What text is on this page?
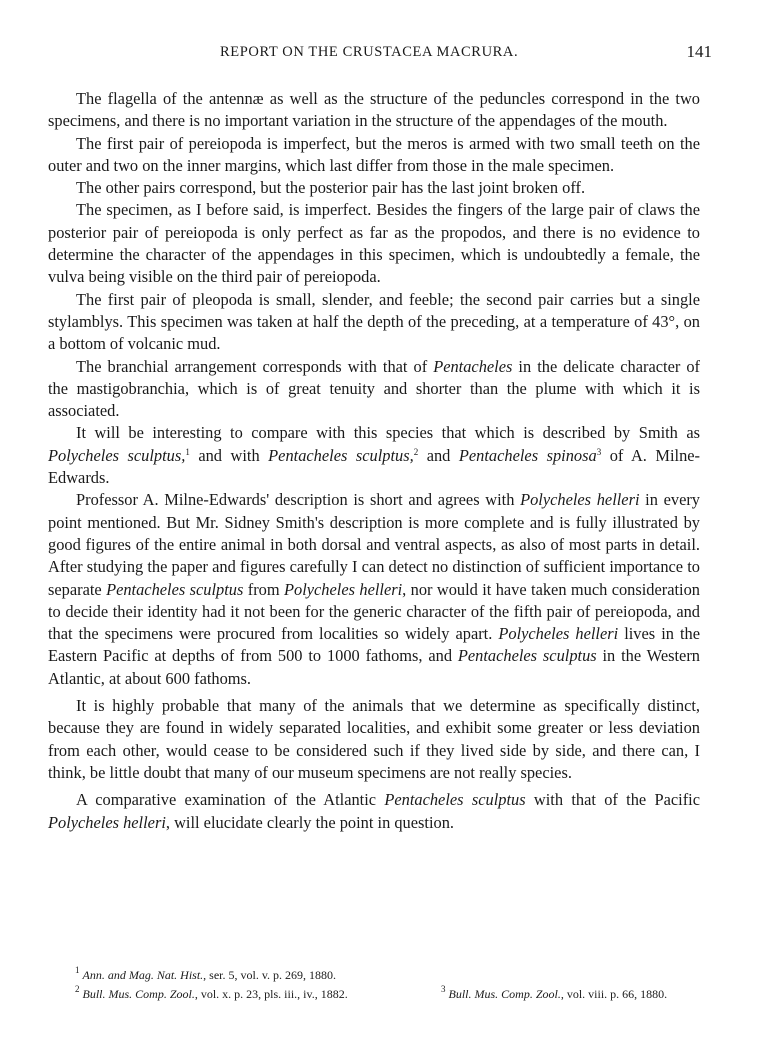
REPORT ON THE CRUSTACEA MACRURA.	141

The flagella of the antennæ as well as the structure of the peduncles correspond in the two specimens, and there is no important variation in the structure of the appendages of the mouth.

The first pair of pereiopoda is imperfect, but the meros is armed with two small teeth on the outer and two on the inner margins, which last differ from those in the male specimen.

The other pairs correspond, but the posterior pair has the last joint broken off.

The specimen, as I before said, is imperfect. Besides the fingers of the large pair of claws the posterior pair of pereiopoda is only perfect as far as the propodos, and there is no evidence to determine the character of the appendages in this specimen, which is undoubtedly a female, the vulva being visible on the third pair of pereiopoda.

The first pair of pleopoda is small, slender, and feeble; the second pair carries but a single stylamblys. This specimen was taken at half the depth of the preceding, at a temperature of 43°, on a bottom of volcanic mud.

The branchial arrangement corresponds with that of Pentacheles in the delicate character of the mastigobranchia, which is of great tenuity and shorter than the plume with which it is associated.

It will be interesting to compare with this species that which is described by Smith as Polycheles sculptus,$^1$ and with Pentacheles sculptus,$^2$ and Pentacheles spinosa$^3$ of A. Milne-Edwards.

Professor A. Milne-Edwards' description is short and agrees with Polycheles helleri in every point mentioned. But Mr. Sidney Smith's description is more complete and is fully illustrated by good figures of the entire animal in both dorsal and ventral aspects, as also of most parts in detail. After studying the paper and figures carefully I can detect no distinction of sufficient importance to separate Pentacheles sculptus from Polycheles helleri, nor would it have taken much consideration to decide their identity had it not been for the generic character of the fifth pair of pereiopoda, and that the specimens were procured from localities so widely apart. Polycheles helleri lives in the Eastern Pacific at depths of from 500 to 1000 fathoms, and Pentacheles sculptus in the Western Atlantic, at about 600 fathoms.

It is highly probable that many of the animals that we determine as specifically distinct, because they are found in widely separated localities, and exhibit some greater or less deviation from each other, would cease to be considered such if they lived side by side, and there can, I think, be little doubt that many of our museum specimens are not really species.

A comparative examination of the Atlantic Pentacheles sculptus with that of the Pacific Polycheles helleri, will elucidate clearly the point in question.

$^1$ Ann. and Mag. Nat. Hist., ser. 5, vol. v. p. 269, 1880.
$^2$ Bull. Mus. Comp. Zool., vol. x. p. 23, pls. iii., iv., 1882.	$^3$ Bull. Mus. Comp. Zool., vol. viii. p. 66, 1880.
